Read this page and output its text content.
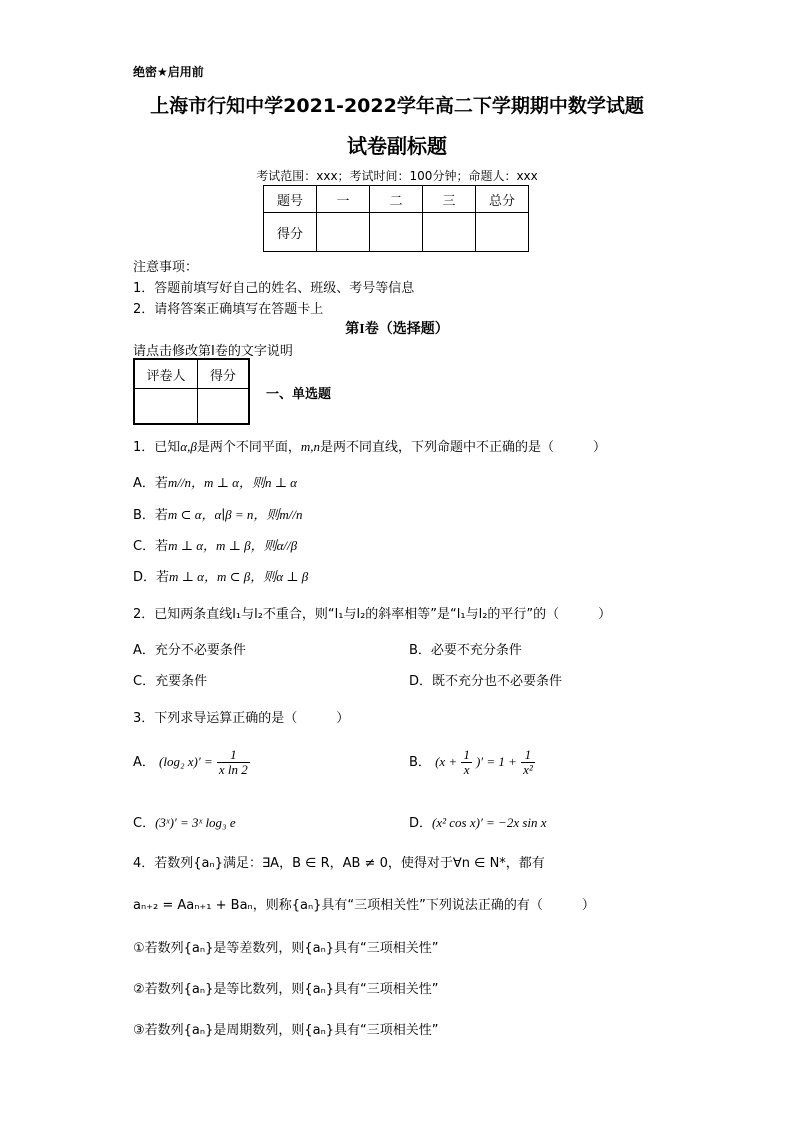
绝密★启用前
上海市行知中学2021-2022学年高二下学期期中数学试题
试卷副标题
考试范围：xxx；考试时间：100分钟；命题人：xxx
题号	一	二	三	总分
得分				
注意事项：
1．答题前填写好自己的姓名、班级、考号等信息
2．请将答案正确填写在答题卡上
第I卷（选择题）
请点击修改第I卷的文字说明
评卷人	得分

一、单选题
1．已知α,β是两个不同平面，m,n是两不同直线，下列命题中不正确的是（　　　）
A．若m//n，m ⊥ α，则n ⊥ α
B．若m ⊂ α，α∣β = n，则m//n
C．若m ⊥ α，m ⊥ β，则α//β
D．若m ⊥ α，m ⊂ β，则α ⊥ β
2．已知两条直线l₁与l₂不重合，则“l₁与l₂的斜率相等”是“l₁与l₂的平行”的（　　　）
A．充分不必要条件	B．必要不充分条件
C．充要条件	D．既不充分也不必要条件
3．下列求导运算正确的是（　　　）
A． (log₂ $x)' = \frac{1}{\text{x ln 2}}$	B． ($x + \frac{1}{x}$ )′ = $1 + \frac{1}{\text{x²}}$
C．(3ˣ)′ = 3ˣ log₃ e	D．(x² cos x)′ = −2x sin x
4．若数列{aₙ}满足：∃A，B ∈ R，AB ≠ 0，使得对于∀n ∈ N*，都有
aₙ₊₂ = Aaₙ₊₁ + Baₙ，则称{aₙ}具有“三项相关性”下列说法正确的有（　　　）
①若数列{aₙ}是等差数列，则{aₙ}具有“三项相关性”
②若数列{aₙ}是等比数列，则{aₙ}具有“三项相关性”
③若数列{aₙ}是周期数列，则{aₙ}具有“三项相关性”
